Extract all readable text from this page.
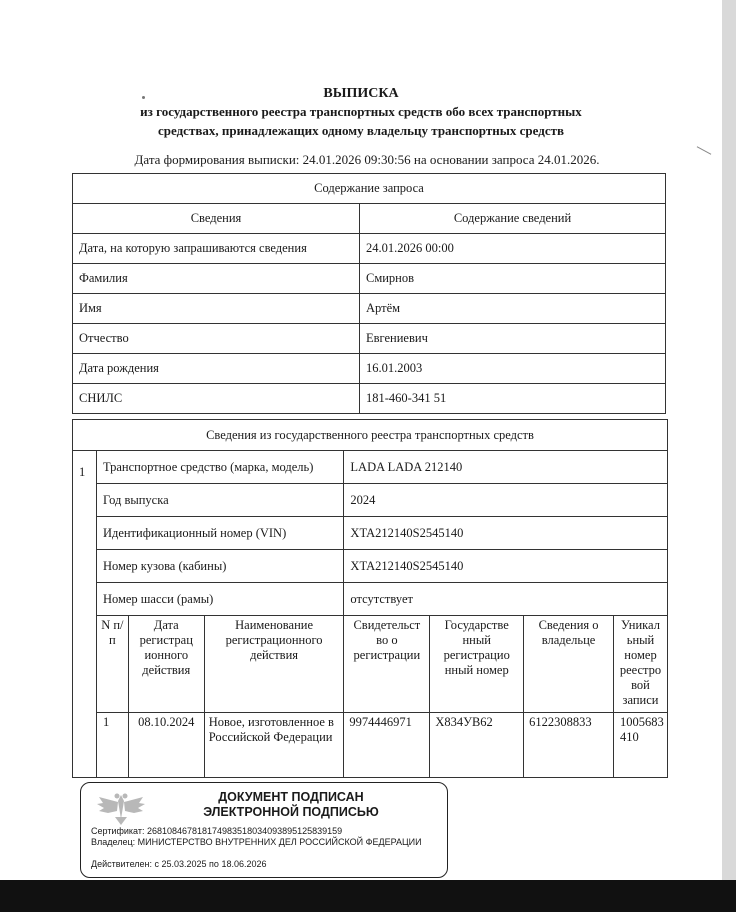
ВЫПИСКА
из государственного реестра транспортных средств обо всех транспортных
средствах, принадлежащих одному владельцу транспортных средств
Дата формирования выписки: 24.01.2026 09:30:56 на основании запроса 24.01.2026.
Содержание запроса	
Сведения	Содержание сведений
Дата, на которую запрашиваются сведения	24.01.2026 00:00
Фамилия	Смирнов
Имя	Артём
Отчество	Евгениевич
Дата рождения	16.01.2003
СНИЛС	181-460-341 51
Сведения из государственного реестра транспортных средств							
1	Транспортное средство (марка, модель)			LADA LADA 212140			
	Год выпуска			2024			
	Идентификационный номер (VIN)			XTA212140S2545140			
	Номер кузова (кабины)			XTA212140S2545140			
	Номер шасси (рамы)			отсутствует			
	N п/п	Дата регистрац ионного действия	Наименование регистрационного действия	Свидетельст во о регистрации	Государстве нный регистрацио нный номер	Сведения о владельце	Уникал ьный номер реестро вой записи
	1	08.10.2024	Новое, изготовленное в Российской Федерации	9974446971	Х834УВ62	6122308833	1005683410
ДОКУМЕНТ ПОДПИСАН
ЭЛЕКТРОННОЙ ПОДПИСЬЮ
Сертификат: 268108467818174983518034093895125839159
Владелец: МИНИСТЕРСТВО ВНУТРЕННИХ ДЕЛ РОССИЙСКОЙ ФЕДЕРАЦИИ
Действителен: с 25.03.2025 по 18.06.2026
